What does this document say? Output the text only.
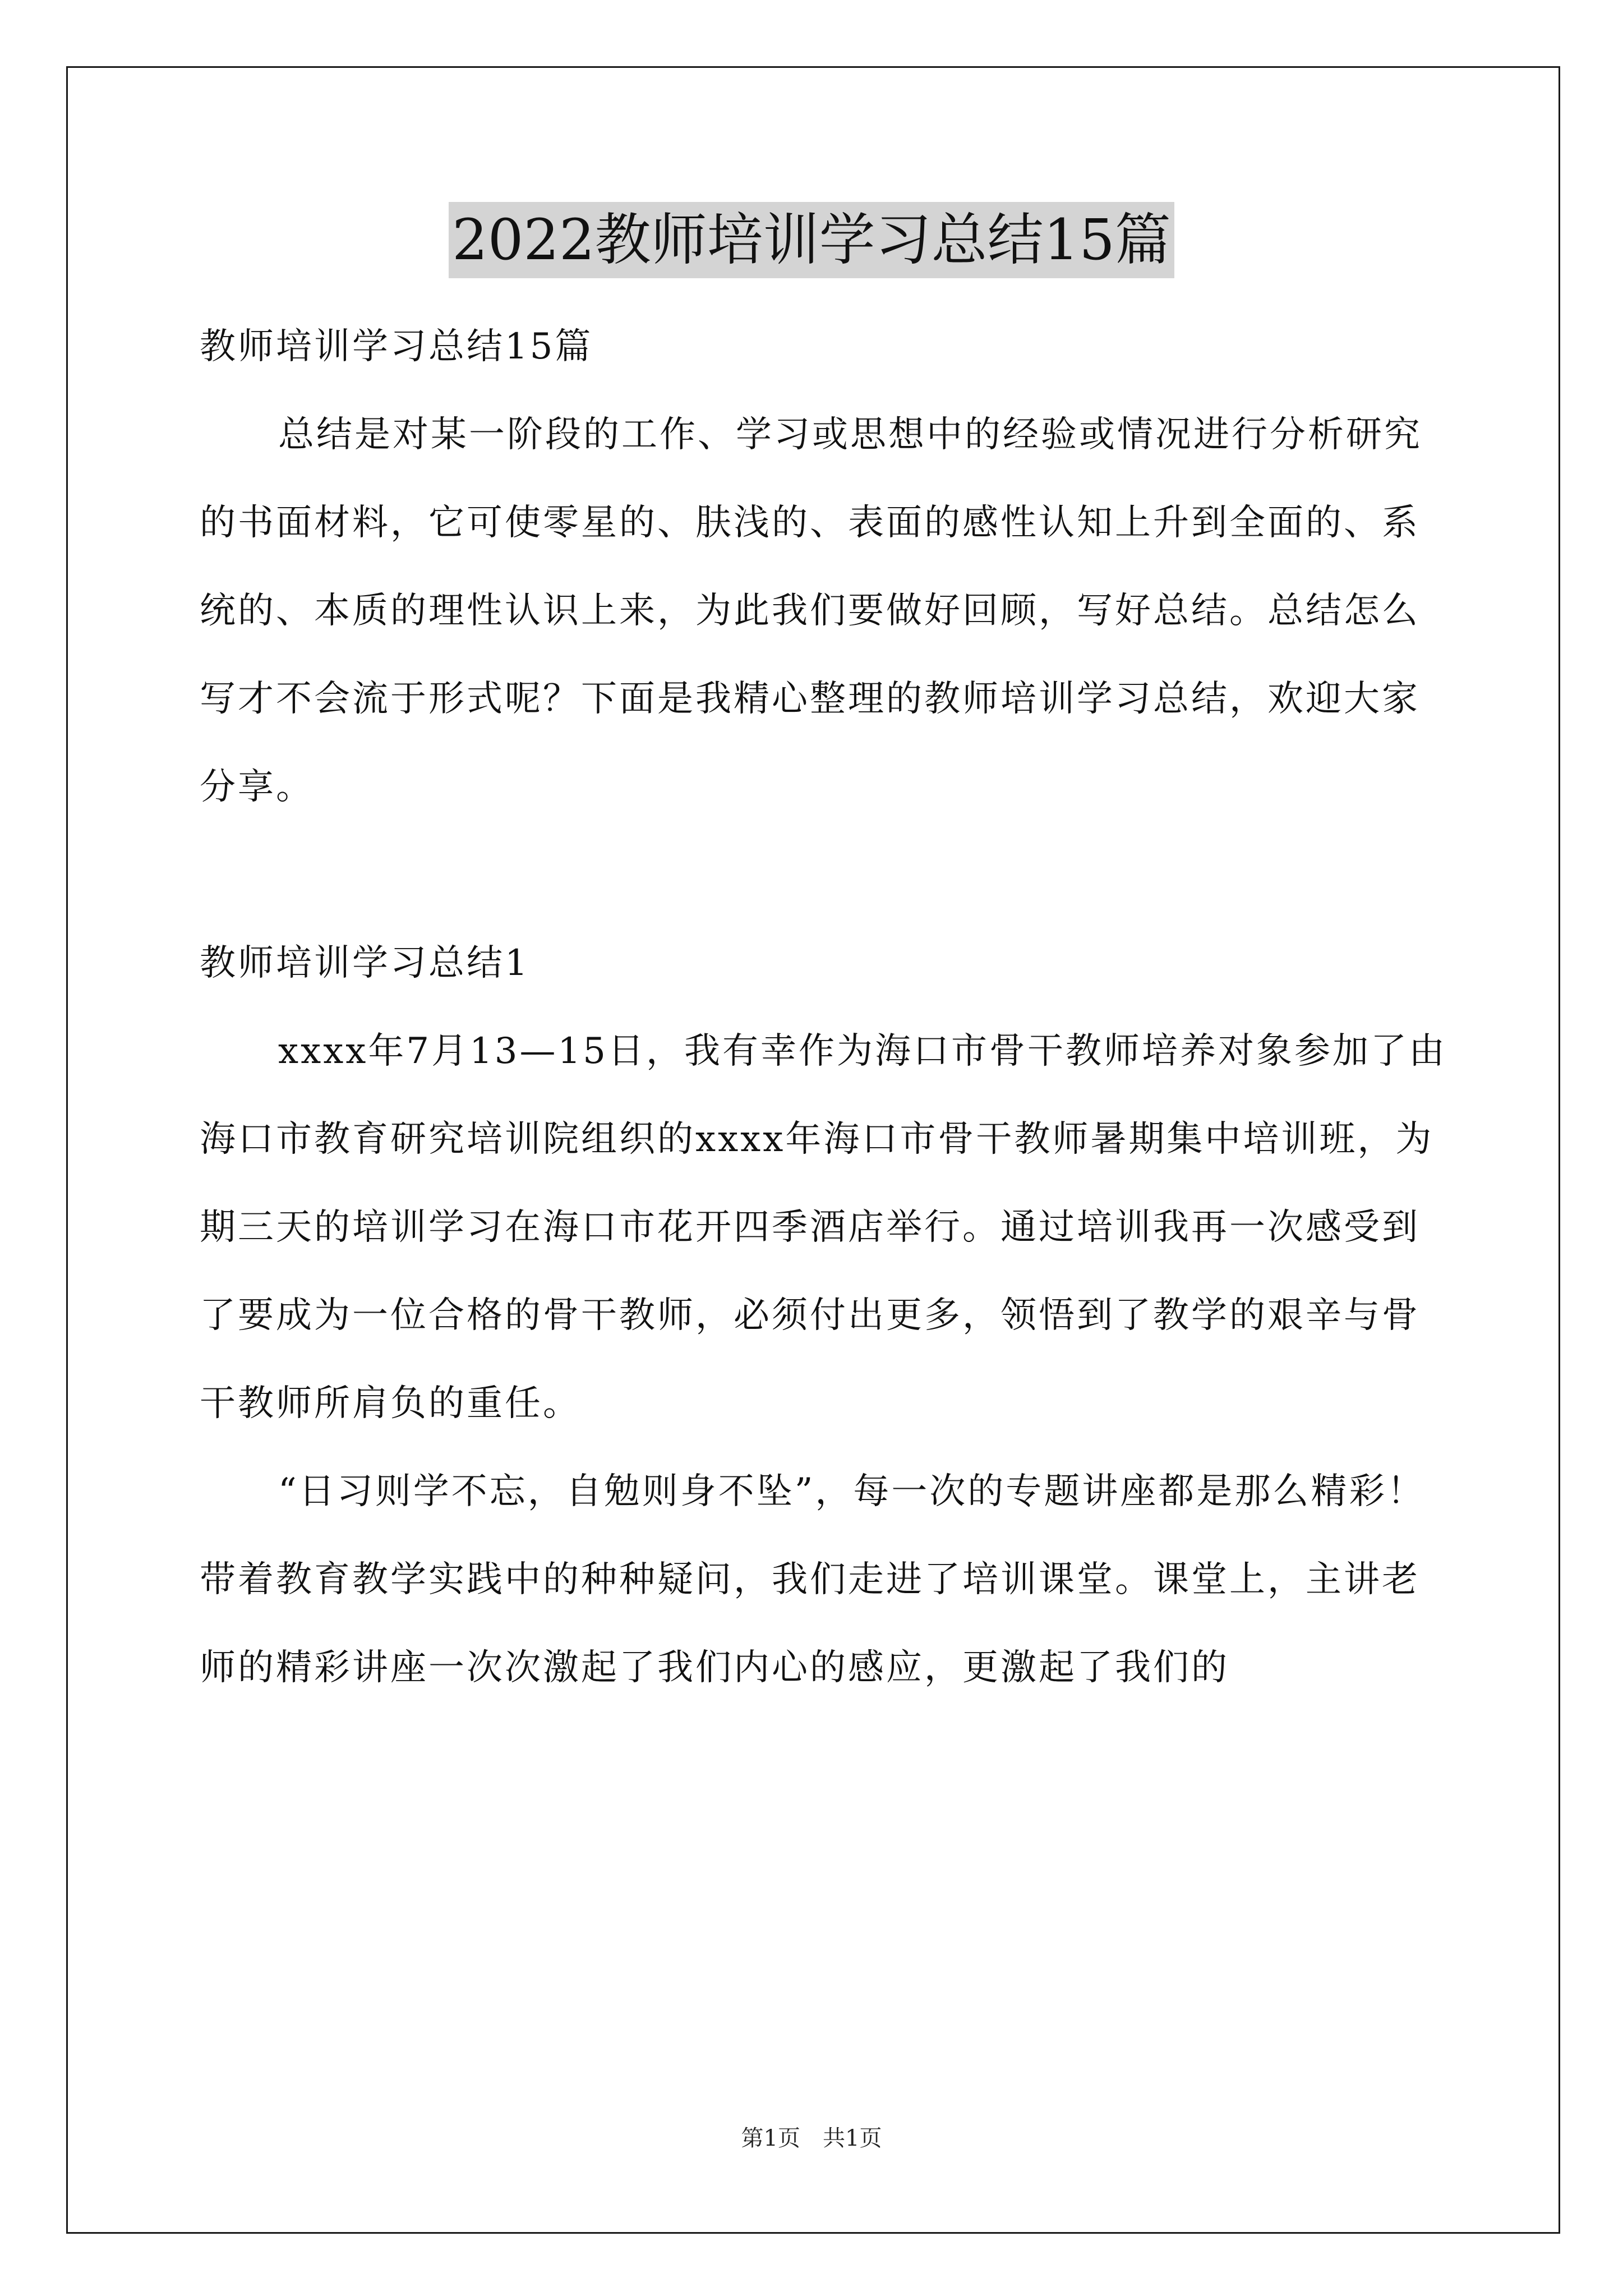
2022教师培训学习总结15篇

教师培训学习总结15篇

总结是对某一阶段的工作、学习或思想中的经验或情况进行分析研究的书面材料，它可使零星的、肤浅的、表面的感性认知上升到全面的、系统的、本质的理性认识上来，为此我们要做好回顾，写好总结。总结怎么写才不会流于形式呢？下面是我精心整理的教师培训学习总结，欢迎大家分享。

教师培训学习总结1

xxxx年7月13—15日，我有幸作为海口市骨干教师培养对象参加了由海口市教育研究培训院组织的xxxx年海口市骨干教师暑期集中培训班，为期三天的培训学习在海口市花开四季酒店举行。通过培训我再一次感受到了要成为一位合格的骨干教师，必须付出更多，领悟到了教学的艰辛与骨干教师所肩负的重任。

“日习则学不忘，自勉则身不坠”，每一次的专题讲座都是那么精彩！带着教育教学实践中的种种疑问，我们走进了培训课堂。课堂上，主讲老师的精彩讲座一次次激起了我们内心的感应，更激起了我们的

第1页　共1页
